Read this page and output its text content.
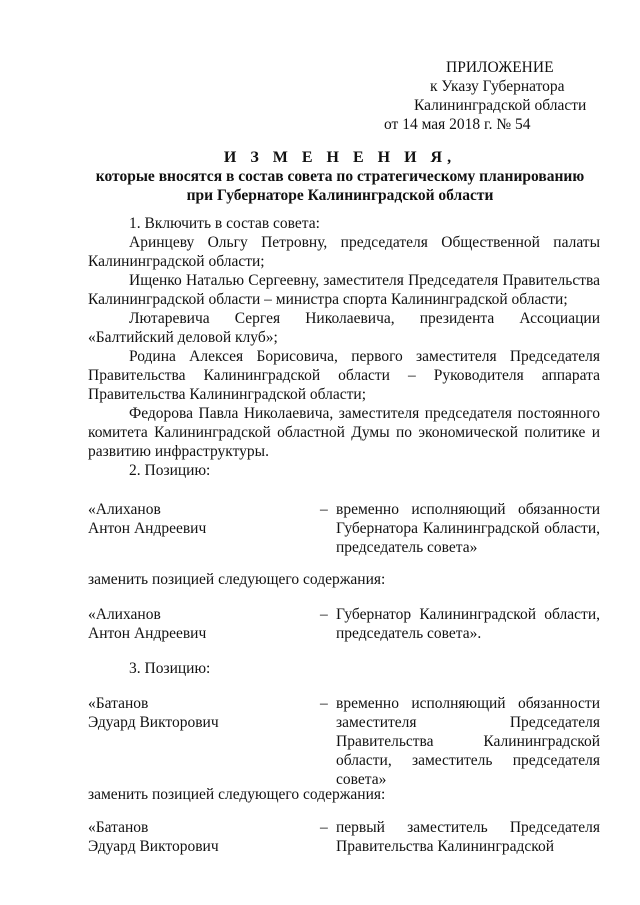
ПРИЛОЖЕНИЕ
к Указу Губернатора
Калининградской области
от 14 мая 2018 г. № 54
И З М Е Н Е Н И Я,
которые вносятся в состав совета по стратегическому планированию
при Губернаторе Калининградской области

1. Включить в состав совета:

Аринцеву Ольгу Петровну, председателя Общественной палаты Калининградской области;

Ищенко Наталью Сергеевну, заместителя Председателя Правительства Калининградской области – министра спорта Калининградской области;

Лютаревича Сергея Николаевича, президента Ассоциации «Балтийский деловой клуб»;

Родина Алексея Борисовича, первого заместителя Председателя Правительства Калининградской области – Руководителя аппарата Правительства Калининградской области;

Федорова Павла Николаевича, заместителя председателя постоянного комитета Калининградской областной Думы по экономической политике и развитию инфраструктуры.

2. Позицию:

«Алиханов
Антон Андреевич
– временно исполняющий обязанности Губернатора Калининградской области, председатель совета»
заменить позицией следующего содержания:
«Алиханов
Антон Андреевич
– Губернатор Калининградской области, председатель совета».
3. Позицию:
«Батанов
Эдуард Викторович
– временно исполняющий обязанности заместителя Председателя Правительства Калининградской области, заместитель председателя совета»
заменить позицией следующего содержания:
«Батанов
Эдуард Викторович
– первый заместитель Председателя Правительства Калининградской
